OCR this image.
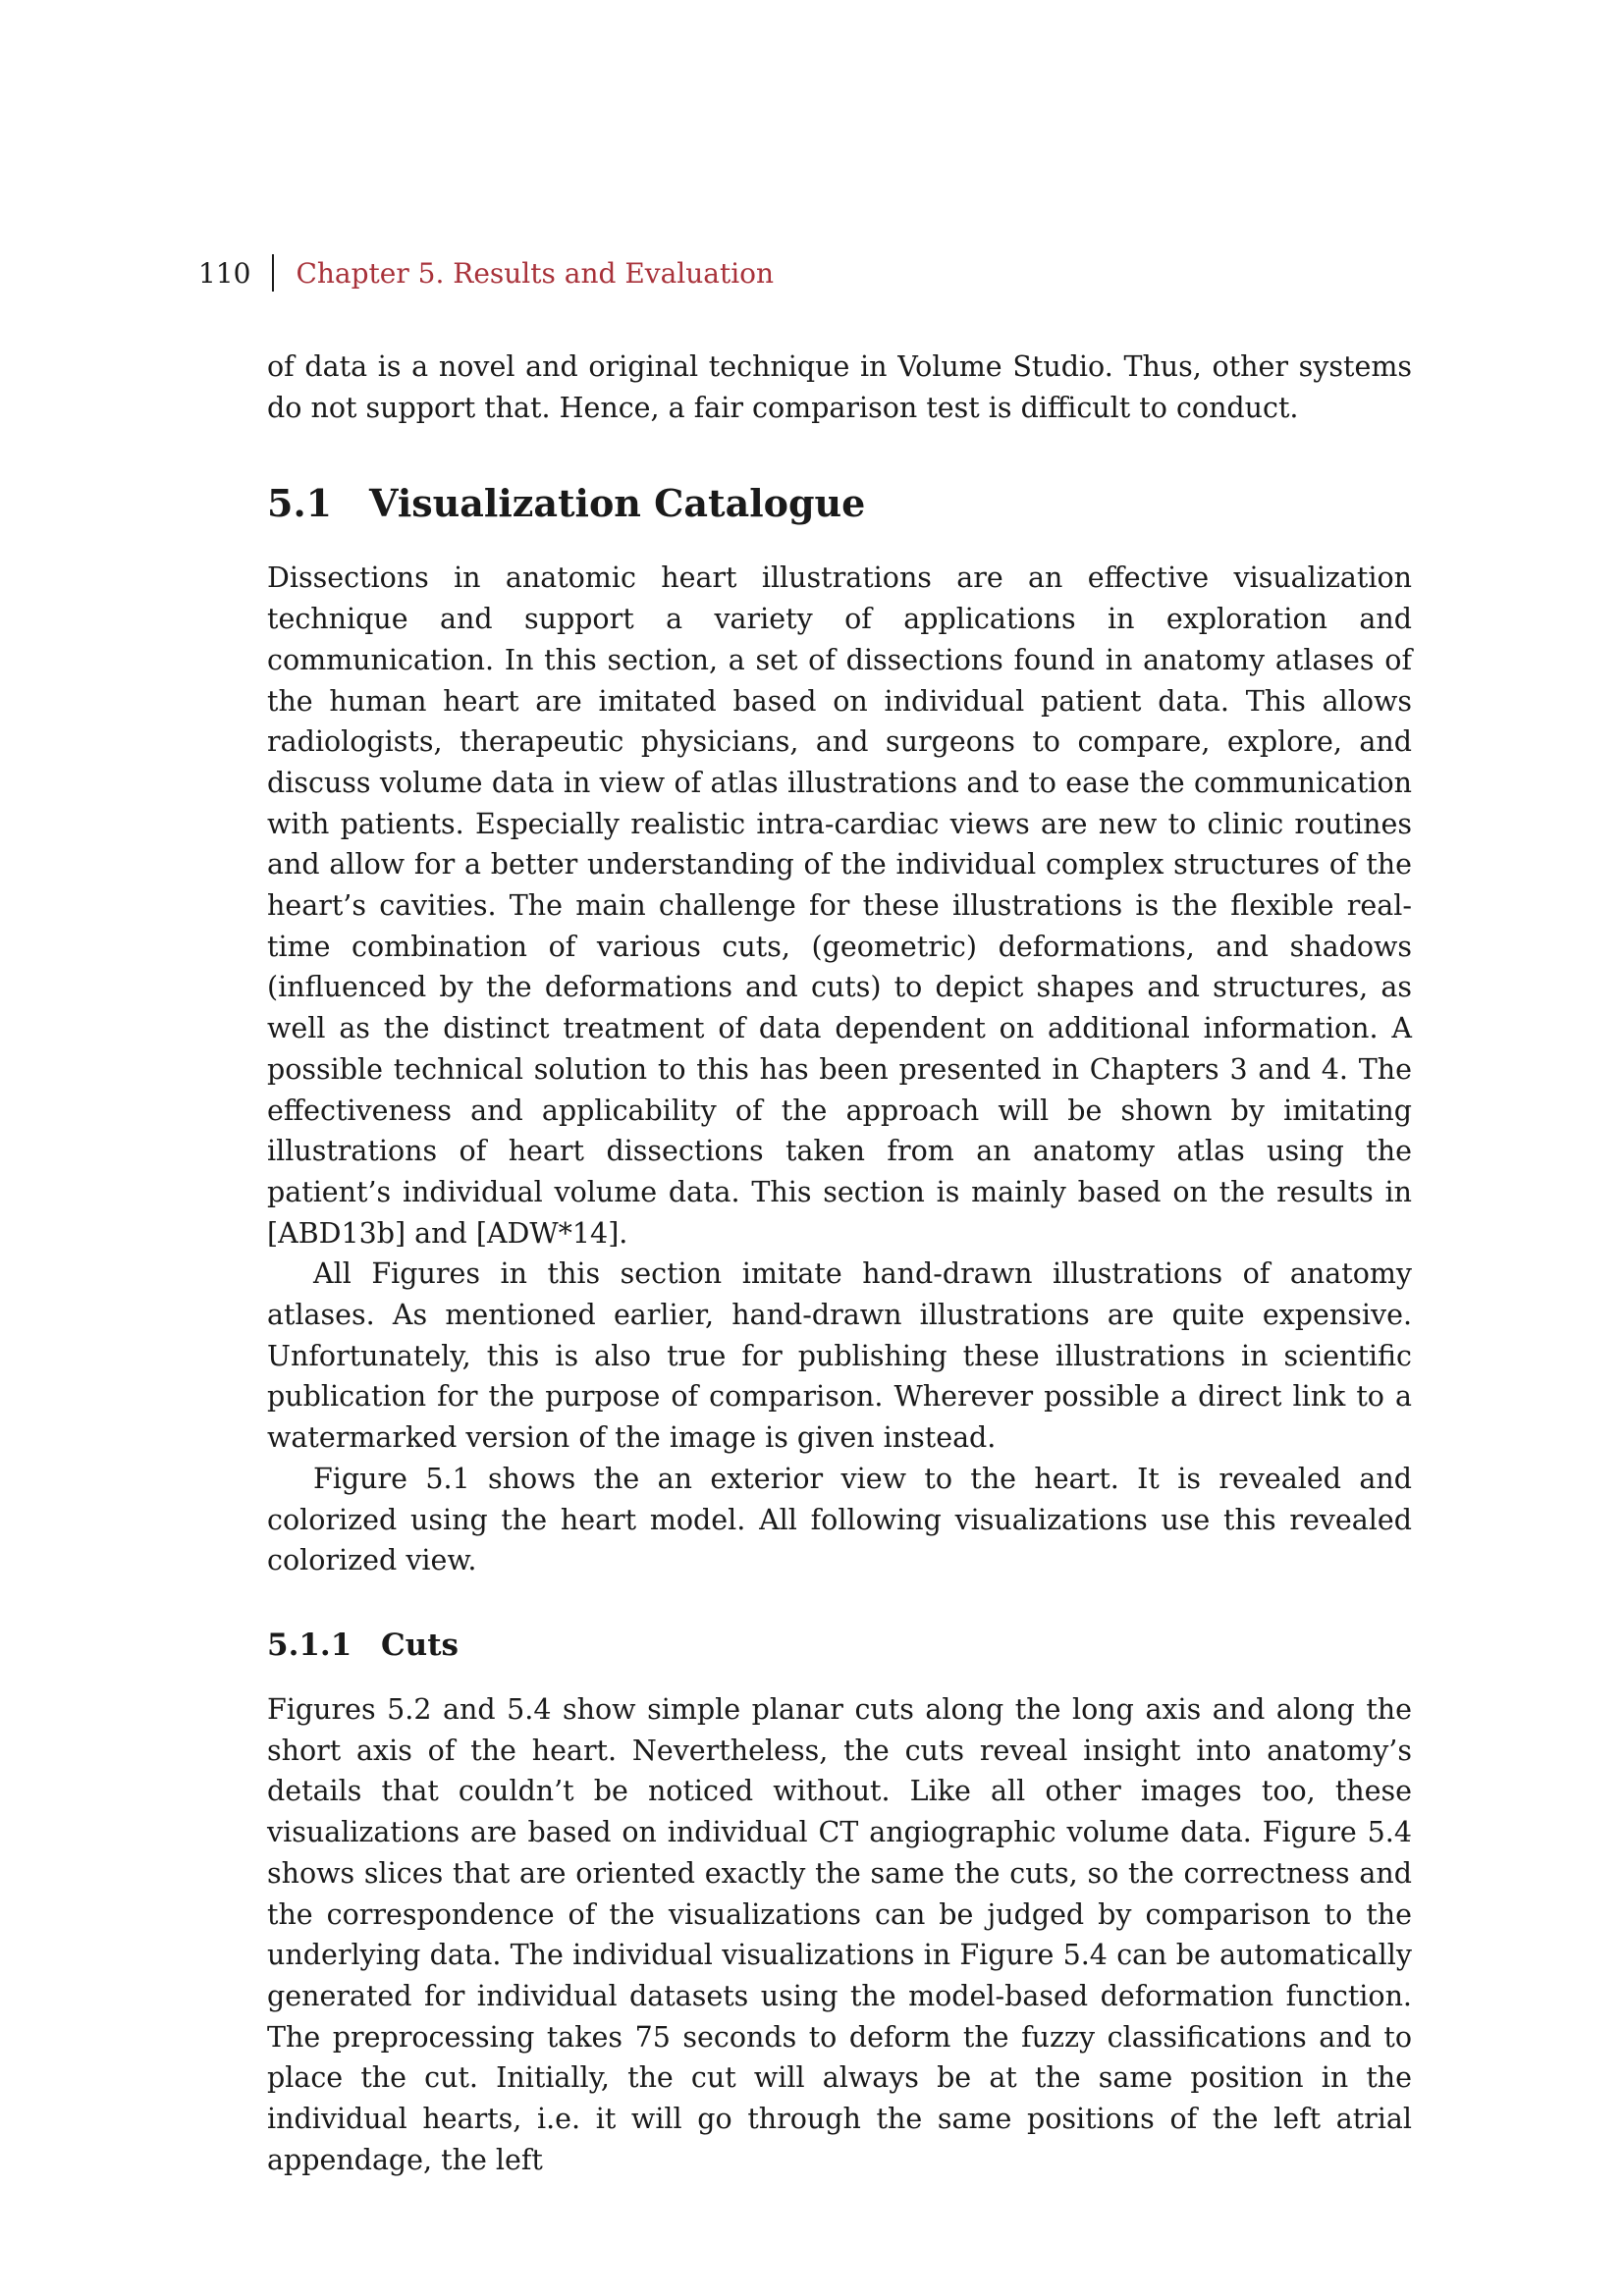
110 Chapter 5. Results and Evaluation

of data is a novel and original technique in Volume Studio. Thus, other systems do not support that. Hence, a fair comparison test is difficult to conduct.

5.1 Visualization Catalogue

Dissections in anatomic heart illustrations are an effective visualization technique and support a variety of applications in exploration and communication. In this section, a set of dissections found in anatomy atlases of the human heart are imitated based on individual patient data. This allows radiologists, therapeutic physicians, and surgeons to compare, explore, and discuss volume data in view of atlas illustrations and to ease the communication with patients. Especially realistic intra-cardiac views are new to clinic routines and allow for a better understanding of the individual complex structures of the heart’s cavities. The main challenge for these illustrations is the flexible real-time combination of various cuts, (geometric) deformations, and shadows (influenced by the deformations and cuts) to depict shapes and structures, as well as the distinct treatment of data dependent on additional information. A possible technical solution to this has been presented in Chapters 3 and 4. The effectiveness and applicability of the approach will be shown by imitating illustrations of heart dissections taken from an anatomy atlas using the patient’s individual volume data. This section is mainly based on the results in [ABD13b] and [ADW*14].

All Figures in this section imitate hand-drawn illustrations of anatomy atlases. As mentioned earlier, hand-drawn illustrations are quite expensive. Unfortunately, this is also true for publishing these illustrations in scientific publication for the purpose of comparison. Wherever possible a direct link to a watermarked version of the image is given instead.

Figure 5.1 shows the an exterior view to the heart. It is revealed and colorized using the heart model. All following visualizations use this revealed colorized view.

5.1.1 Cuts

Figures 5.2 and 5.4 show simple planar cuts along the long axis and along the short axis of the heart. Nevertheless, the cuts reveal insight into anatomy’s details that couldn’t be noticed without. Like all other images too, these visualizations are based on individual CT angiographic volume data. Figure 5.4 shows slices that are oriented exactly the same the cuts, so the correctness and the correspondence of the visualizations can be judged by comparison to the underlying data. The individual visualizations in Figure 5.4 can be automatically generated for individual datasets using the model-based deformation function. The preprocessing takes 75 seconds to deform the fuzzy classifications and to place the cut. Initially, the cut will always be at the same position in the individual hearts, i.e. it will go through the same positions of the left atrial appendage, the left
